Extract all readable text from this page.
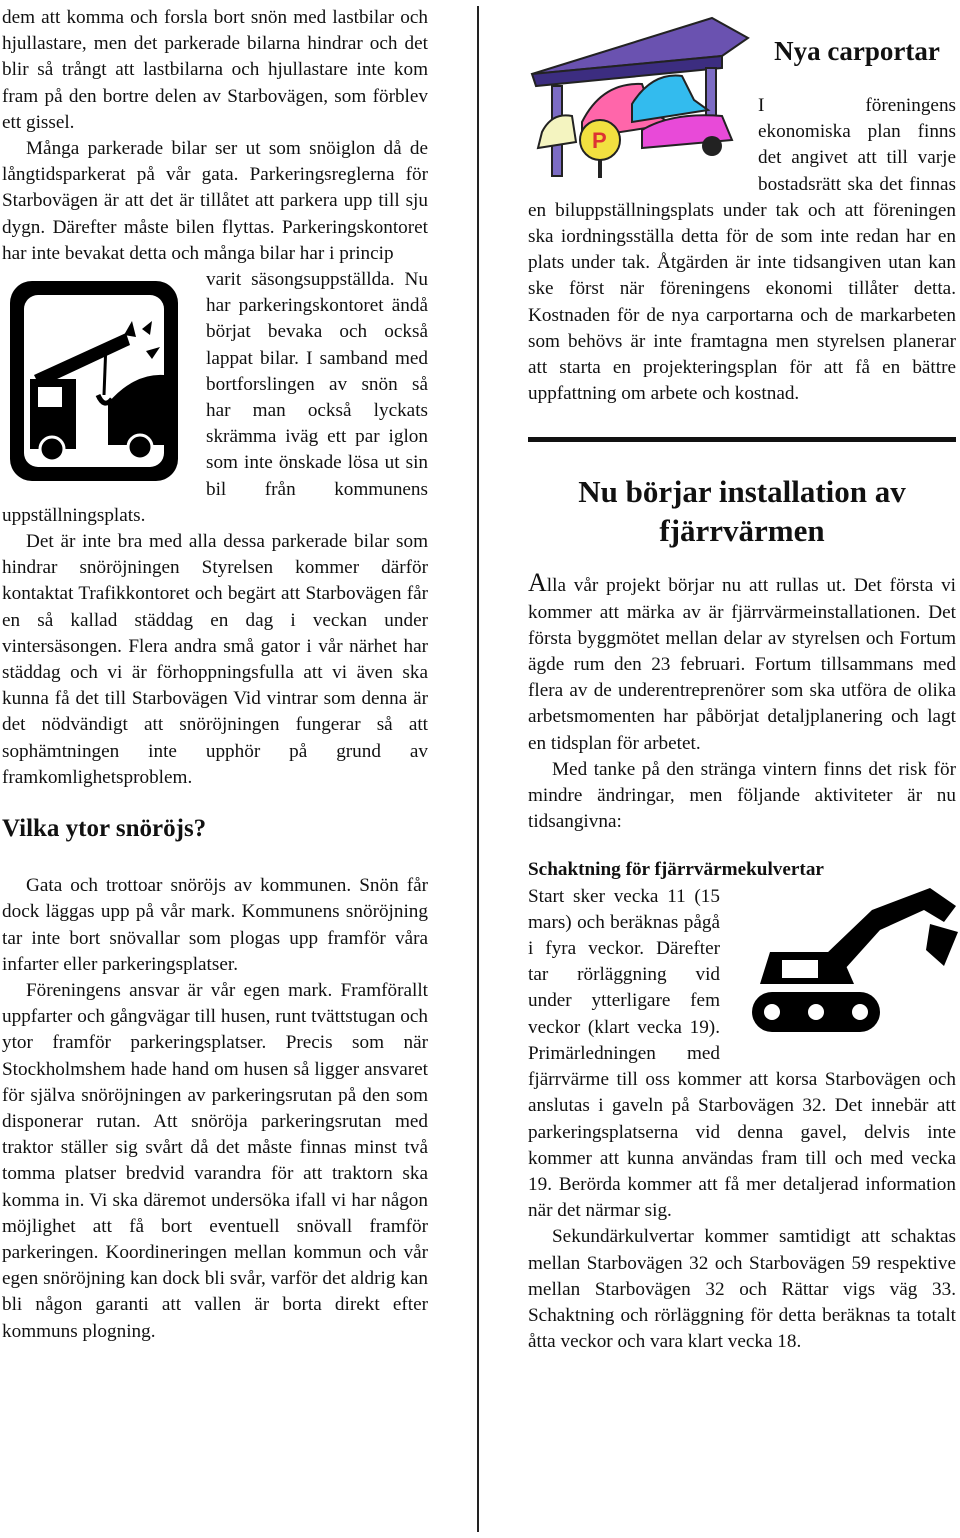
dem att komma och forsla bort snön med lastbilar och hjullastare, men det parkerade bilarna hindrar och det blir så trångt att lastbilarna och hjullastare inte kom fram på den bortre delen av Starbovägen, som förblev ett gissel.

Många parkerade bilar ser ut som snöiglon då de långtidsparkerat på vår gata. Parkeringsreglerna för Starbovägen är att det är tillåtet att parkera upp till sju dygn. Därefter måste bilen flyttas. Parkeringskontoret har inte bevakat detta och många bilar har i princip

varit säsongsuppställda. Nu har parkeringskontoret ändå börjat bevaka och också lappat bilar. I samband med bortforslingen av snön så har man också lyckats skrämma iväg ett par iglon som inte önskade lösa ut sin bil från kommunens uppställningsplats.

Det är inte bra med alla dessa parkerade bilar som hindrar snöröjningen Styrelsen kommer därför kontaktat Trafikkontoret och begärt att Starbovägen får en så kallad städdag en dag i veckan under vintersäsongen. Flera andra små gator i vår närhet har städdag och vi är förhoppningsfulla att vi även ska kunna få det till Starbovägen Vid vintrar som denna är det nödvändigt att snöröjningen fungerar så att sophämtningen inte upphör på grund av framkomlighetsproblem.

Vilka ytor snöröjs?

Gata och trottoar snöröjs av kommunen. Snön får dock läggas upp på vår mark. Kommunens snöröjning tar inte bort snövallar som plogas upp framför våra infarter eller parkeringsplatser.

Föreningens ansvar är vår egen mark. Framförallt uppfarter och gångvägar till husen, runt tvättstugan och ytor framför parkeringsplatser. Precis som när Stockholmshem hade hand om husen så ligger ansvaret för själva snöröjningen av parkeringsrutan på den som disponerar rutan. Att snöröja parkeringsrutan med traktor ställer sig svårt då det måste finnas minst två tomma platser bredvid varandra för att traktorn ska komma in. Vi ska däremot undersöka ifall vi har någon möjlighet att få bort eventuell snövall framför parkeringen. Koordineringen mellan kommun och vår egen snöröjning kan dock bli svår, varför det aldrig kan bli någon garanti att vallen är borta direkt efter kommuns plogning.

P
Nya carportar

I föreningens ekonomiska plan finns det angivet att till varje bostadsrätt ska det finnas en biluppställningsplats under tak och att föreningen ska iordningsställa detta för de som inte redan har en plats under tak. Åtgärden är inte tidsangiven utan kan ske först när föreningens ekonomi tillåter detta. Kostnaden för de nya carportarna och de markarbeten som behövs är inte framtagna men styrelsen planerar att starta en projekteringsplan för att få en bättre uppfattning om arbete och kostnad.

Nu börjar installation av fjärrvärmen

Alla vår projekt börjar nu att rullas ut. Det första vi kommer att märka av är fjärrvärmeinstallationen. Det första byggmötet mellan delar av styrelsen och Fortum ägde rum den 23 februari. Fortum tillsammans med flera av de underentreprenörer som ska utföra de olika arbetsmomenten har påbörjat detaljplanering och lagt en tidsplan för arbetet.

Med tanke på den stränga vintern finns det risk för mindre ändringar, men följande aktiviteter är nu tidsangivna:

Schaktning för fjärrvärmekulvertar

Start sker vecka 11 (15 mars) och beräknas pågå i fyra veckor. Därefter tar rörläggning vid under ytterligare fem veckor (klart vecka 19). Primärledningen med fjärrvärme till oss kommer att korsa Starbovägen och anslutas i gaveln på Starbovägen 32. Det innebär att parkeringsplatserna vid denna gavel, delvis inte kommer att kunna användas fram till och med vecka 19. Berörda kommer att få mer detaljerad information när det närmar sig.

Sekundärkulvertar kommer samtidigt att schaktas mellan Starbovägen 32 och Starbovägen 59 respektive mellan Starbovägen 32 och Rättar vigs väg 33. Schaktning och rörläggning för detta beräknas ta totalt åtta veckor och vara klart vecka 18.
